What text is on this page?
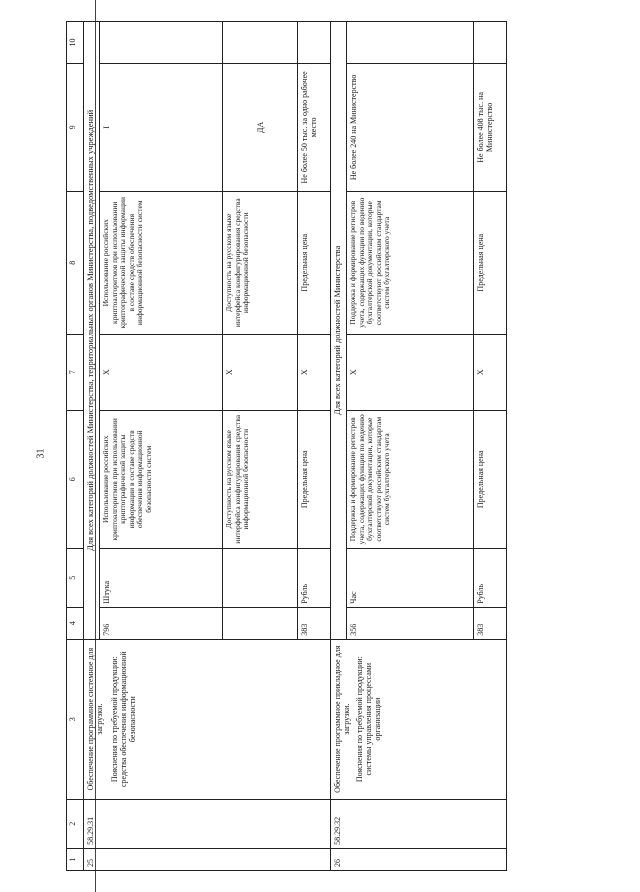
31
1	2	3	4	5	6	7	8	9	10
25	58.29.31	Обеспечение программное системное для загрузки. Пояснения по требуемой продукции: средства обеспечения информационной безопасности	Для всех категорий должностей Министерства, территориальных органов Министерства, подведомственных учреждений						
			796	Штука	Использование российских криптоалгоритмов при использовании криптографической защиты информации в составе средств обеспечения информационной безопасности систем	Х	Использование российских криптоалгоритмов при использовании криптографической защиты информации в составе средств обеспечения информационной безопасности систем	I	
					Доступность на русском языке интерфейса конфигурирования средства информационной безопасности	Х	Доступность на русском языке интерфейса конфигурирования средства информационной безопасности	ДА	
			383	Рубль	Предельная цена	Х	Предельная цена	Не более 50 тыс. за одно рабочее место	
26	58.29.32	Обеспечение программное прикладное для загрузки. Пояснения по требуемой продукции: системы управления процессами организации	Для всех категорий должностей Министерства						
			356	Час	Поддержка и формирование регистров учета, содержащих функции по ведению бухгалтерской документации, которые соответствуют российским стандартам систем бухгалтерского учета	Х	Поддержка и формирование регистров учета, содержащих функции по ведению бухгалтерской документации, которые соответствуют российским стандартам систем бухгалтерского учета	Не более 240 на Министерство	
			383	Рубль	Предельная цена	Х	Предельная цена	Не более 408 тыс. на Министерство	
